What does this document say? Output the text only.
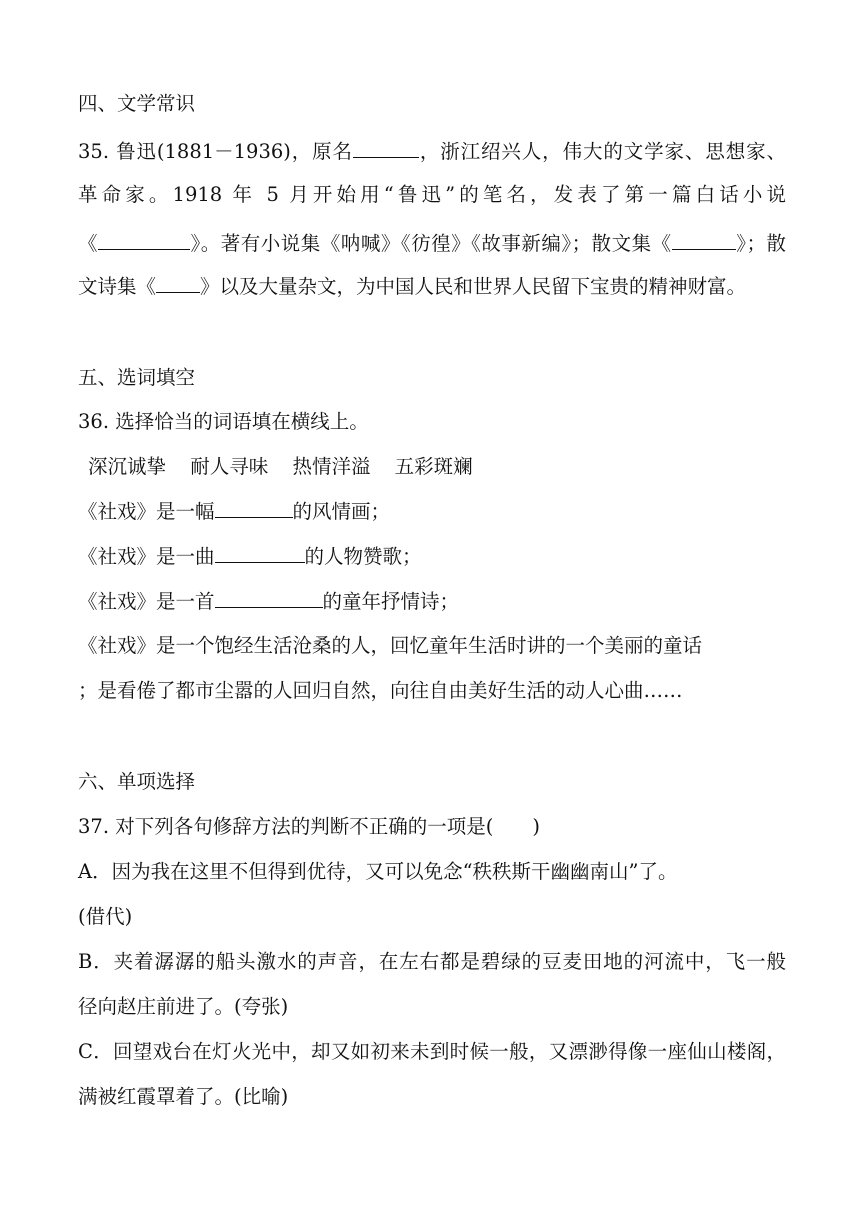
四、文学常识
35. 鲁迅(1881－1936)，原名	，浙江绍兴人，伟大的文学家、思想家、
革命家。1918 年 5 月开始用“鲁迅”的笔名，发表了第一篇白话小说
《	》。著有小说集《呐喊》《彷徨》《故事新编》；散文集《	》；散
文诗集《 》以及大量杂文，为中国人民和世界人民留下宝贵的精神财富。
五、选词填空
36. 选择恰当的词语填在横线上。
深沉诚挚 耐人寻味 热情洋溢 五彩斑斓
《社戏》是一幅	的风情画；
《社戏》是一曲	的人物赞歌；
《社戏》是一首	的童年抒情诗；
《社戏》是一个饱经生活沧桑的人，回忆童年生活时讲的一个美丽的童话
；是看倦了都市尘嚣的人回归自然，向往自由美好生活的动人心曲……
六、单项选择
37. 对下列各句修辞方法的判断不正确的一项是(　　)
A．因为我在这里不但得到优待，又可以免念“秩秩斯干幽幽南山”了。
(借代)
B．夹着潺潺的船头激水的声音，在左右都是碧绿的豆麦田地的河流中，飞一般
径向赵庄前进了。(夸张)
C．回望戏台在灯火光中，却又如初来未到时候一般，又漂渺得像一座仙山楼阁，
满被红霞罩着了。(比喻)
